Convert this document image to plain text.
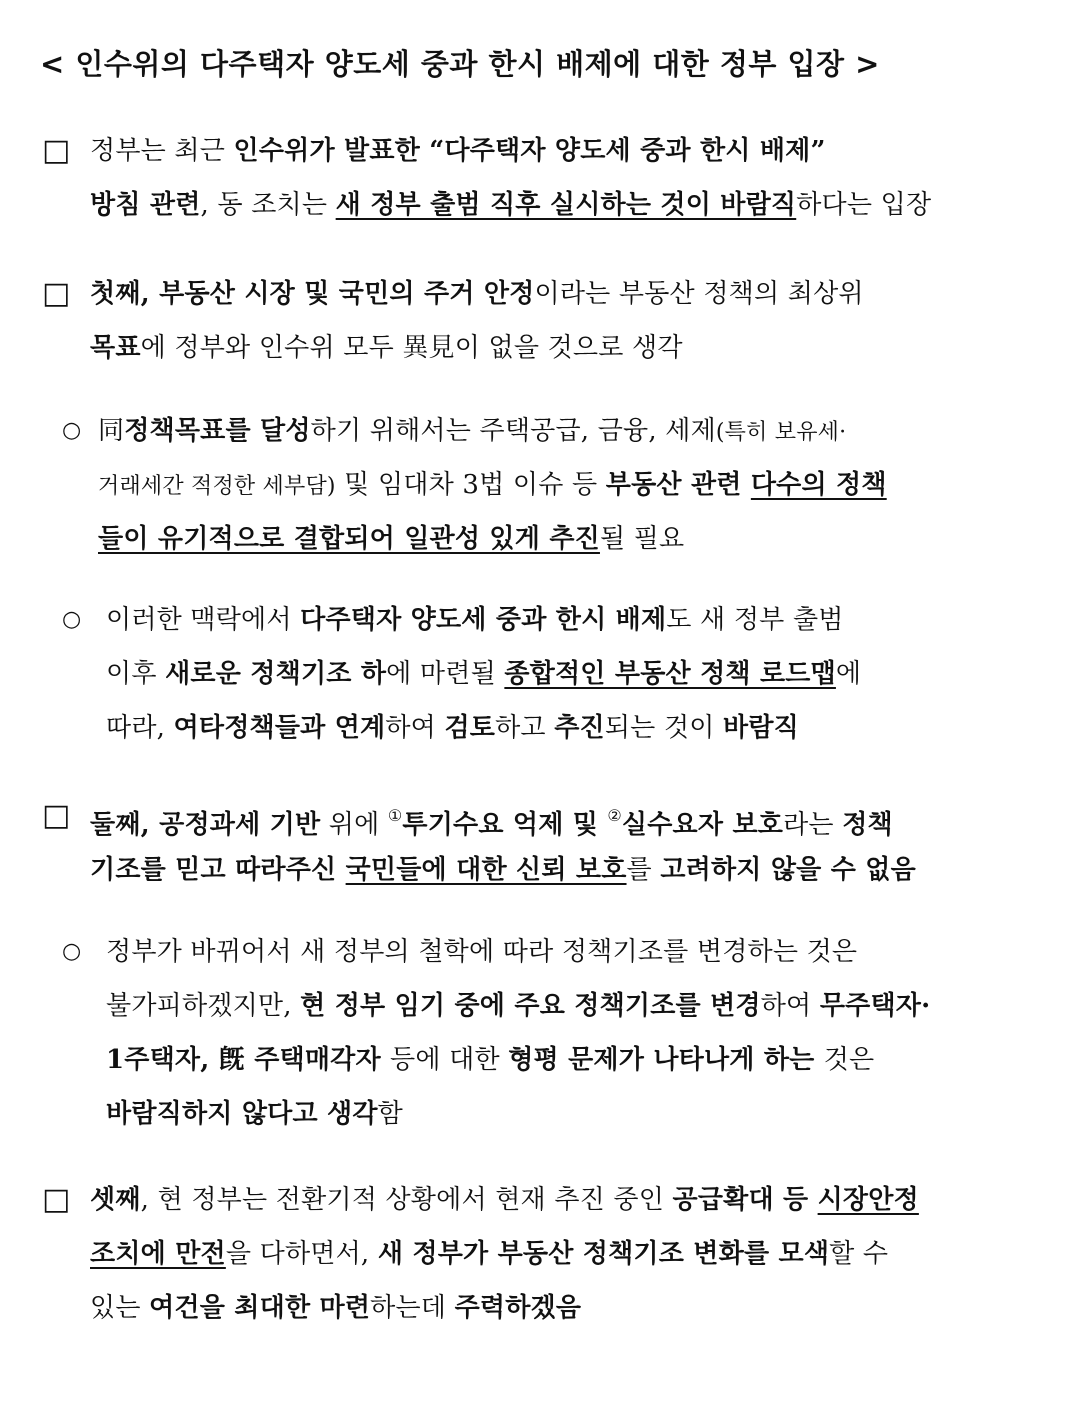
< 인수위의 다주택자 양도세 중과 한시 배제에 대한 정부 입장 >
□ 정부는 최근 인수위가 발표한 “다주택자 양도세 중과 한시 배제”
방침 관련, 동 조치는 새 정부 출범 직후 실시하는 것이 바람직하다는 입장
□ 첫째, 부동산 시장 및 국민의 주거 안정이라는 부동산 정책의 최상위
목표에 정부와 인수위 모두 異見이 없을 것으로 생각
○ 同정책목표를 달성하기 위해서는 주택공급, 금융, 세제(특히 보유세·
거래세간 적정한 세부담) 및 임대차 3법 이슈 등 부동산 관련 다수의 정책
들이 유기적으로 결합되어 일관성 있게 추진될 필요
○ 이러한 맥락에서 다주택자 양도세 중과 한시 배제도 새 정부 출범
이후 새로운 정책기조 하에 마련될 종합적인 부동산 정책 로드맵에
따라, 여타정책들과 연계하여 검토하고 추진되는 것이 바람직
□ 둘째, 공정과세 기반 위에 ①투기수요 억제 및 ②실수요자 보호라는 정책
기조를 믿고 따라주신 국민들에 대한 신뢰 보호를 고려하지 않을 수 없음
○ 정부가 바뀌어서 새 정부의 철학에 따라 정책기조를 변경하는 것은
불가피하겠지만, 현 정부 임기 중에 주요 정책기조를 변경하여 무주택자·
1주택자, 旣 주택매각자 등에 대한 형평 문제가 나타나게 하는 것은
바람직하지 않다고 생각함
□ 셋째, 현 정부는 전환기적 상황에서 현재 추진 중인 공급확대 등 시장안정
조치에 만전을 다하면서, 새 정부가 부동산 정책기조 변화를 모색할 수
있는 여건을 최대한 마련하는데 주력하겠음
